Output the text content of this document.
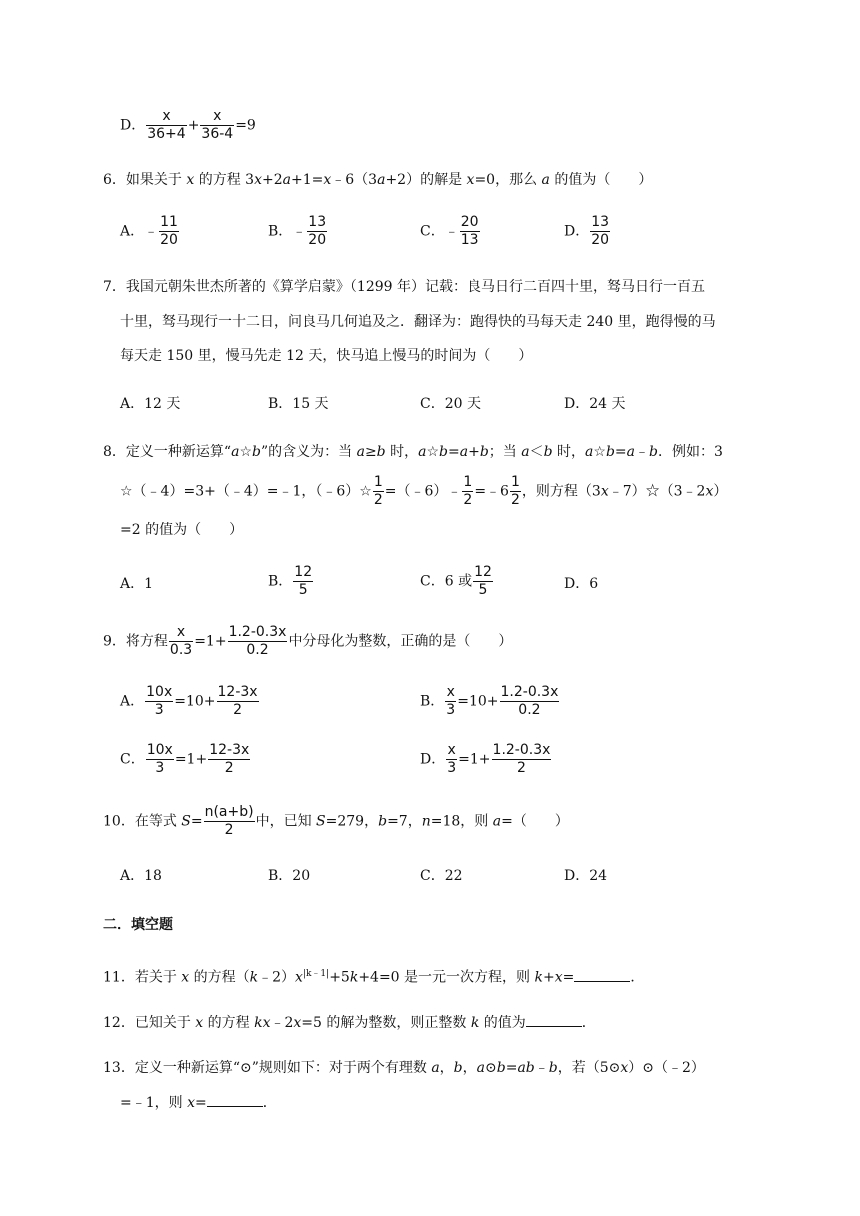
D． $\frac{x}{36+4} + \frac{x}{36-4} =9$
6．如果关于 x 的方程 3x+2a+1=x﹣6（3a+2）的解是 x=0，那么 a 的值为（　　）
A．﹣ $\frac{11}{20}$	B．﹣ $\frac{13}{20}$	C．﹣ $\frac{20}{13}$	D． $\frac{13}{20}$
7．我国元朝朱世杰所著的《算学启蒙》（1299 年）记载：良马日行二百四十里，驽马日行一百五
十里，驽马现行一十二日，问良马几何追及之．翻译为：跑得快的马每天走 240 里，跑得慢的马
每天走 150 里，慢马先走 12 天，快马追上慢马的时间为（　　）
A．12 天	B．15 天	C．20 天	D．24 天
8．定义一种新运算“a☆b”的含义为：当 a≥b 时，a☆b=a+b；当 a＜b 时，a☆b=a﹣b．例如：3
☆（﹣4）=3+（﹣4）=﹣1，（﹣6）☆ $\frac{1}{2}$ =（﹣6）﹣ $\frac{1}{2}$ =﹣6 $\frac{1}{2}$ ，则方程（3x﹣7）☆（3﹣2x）
=2 的值为（　　）
A．1	B． $\frac{12}{5}$	C．6 或 $\frac{12}{5}$	D．6
9．将方程 $\frac{x}{0.3} =1+ \frac{1.2-0.3x}{0.2}$ 中分母化为整数，正确的是（　　）
A． $\frac{10x}{3} =10+ \frac{12-3x}{2}$	B． $\frac{x}{3} =10+ \frac{1.2-0.3x}{0.2}$
C． $\frac{10x}{3} =1+ \frac{12-3x}{2}$	D． $\frac{x}{3} =1+ \frac{1.2-0.3x}{2}$
10．在等式 $S= \frac{n(a+b)}{2}$ 中，已知 S=279，b=7，n=18，则 a=（　　）
A．18	B．20	C．22	D．24
二．填空题
11．若关于 x 的方程$(k﹣2)x^{|k﹣1|}+5k+4=0$ 是一元一次方程，则 k+x=	．
12．已知关于 x 的方程 kx﹣2x=5 的解为整数，则正整数 k 的值为	．
13．定义一种新运算“⊙”规则如下：对于两个有理数 a，b，a⊙b=ab﹣b，若（5⊙x）⊙（﹣2）
=﹣1，则 x=	．
